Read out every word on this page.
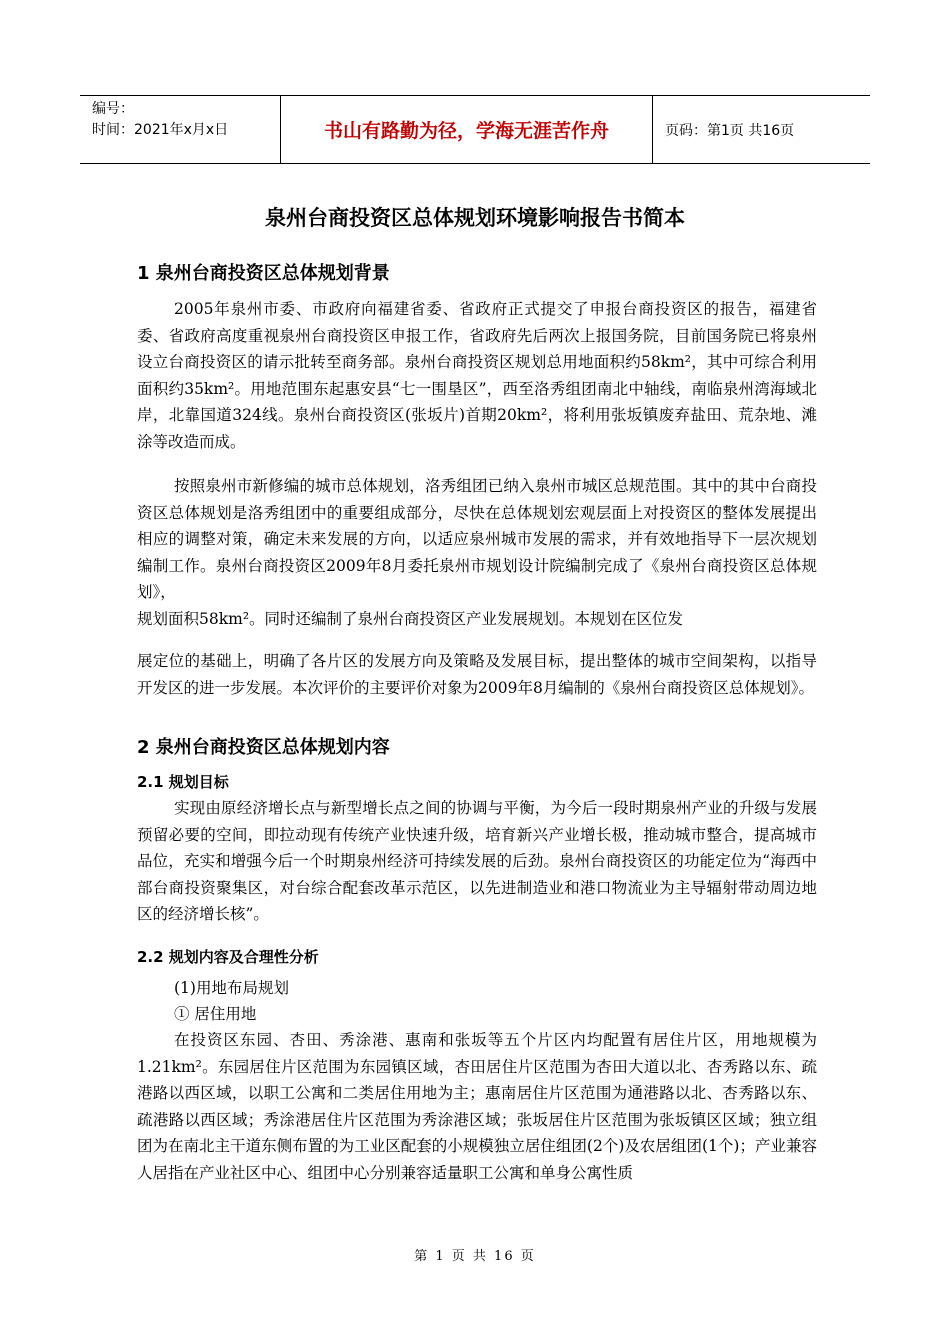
编号：
时间：2021年x月x日	书山有路勤为径，学海无涯苦作舟	页码：第1页 共16页
泉州台商投资区总体规划环境影响报告书简本
1 泉州台商投资区总体规划背景
2005年泉州市委、市政府向福建省委、省政府正式提交了申报台商投资区的报告，福建省委、省政府高度重视泉州台商投资区申报工作，省政府先后两次上报国务院，目前国务院已将泉州设立台商投资区的请示批转至商务部。泉州台商投资区规划总用地面积约58km²，其中可综合利用面积约35km²。用地范围东起惠安县“七一围垦区”，西至洛秀组团南北中轴线，南临泉州湾海域北岸，北靠国道324线。泉州台商投资区(张坂片)首期20km²，将利用张坂镇废弃盐田、荒杂地、滩涂等改造而成。
按照泉州市新修编的城市总体规划，洛秀组团已纳入泉州市城区总规范围。其中的其中台商投资区总体规划是洛秀组团中的重要组成部分，尽快在总体规划宏观层面上对投资区的整体发展提出相应的调整对策，确定未来发展的方向，以适应泉州城市发展的需求，并有效地指导下一层次规划编制工作。泉州台商投资区2009年8月委托泉州市规划设计院编制完成了《泉州台商投资区总体规划》，
规划面积58km²。同时还编制了泉州台商投资区产业发展规划。本规划在区位发
展定位的基础上，明确了各片区的发展方向及策略及发展目标，提出整体的城市空间架构，以指导开发区的进一步发展。本次评价的主要评价对象为2009年8月编制的《泉州台商投资区总体规划》。
2 泉州台商投资区总体规划内容
2.1 规划目标
实现由原经济增长点与新型增长点之间的协调与平衡，为今后一段时期泉州产业的升级与发展预留必要的空间，即拉动现有传统产业快速升级，培育新兴产业增长极，推动城市整合，提高城市品位，充实和增强今后一个时期泉州经济可持续发展的后劲。泉州台商投资区的功能定位为“海西中部台商投资聚集区，对台综合配套改革示范区，以先进制造业和港口物流业为主导辐射带动周边地区的经济增长核”。
2.2 规划内容及合理性分析
(1)用地布局规划
① 居住用地
在投资区东园、杏田、秀涂港、惠南和张坂等五个片区内均配置有居住片区，用地规模为1.21km²。东园居住片区范围为东园镇区域，杏田居住片区范围为杏田大道以北、杏秀路以东、疏港路以西区域，以职工公寓和二类居住用地为主；惠南居住片区范围为通港路以北、杏秀路以东、疏港路以西区域；秀涂港居住片区范围为秀涂港区域；张坂居住片区范围为张坂镇区区域；独立组团为在南北主干道东侧布置的为工业区配套的小规模独立居住组团(2个)及农居组团(1个)；产业兼容人居指在产业社区中心、组团中心分别兼容适量职工公寓和单身公寓性质
第 1 页 共 16 页
